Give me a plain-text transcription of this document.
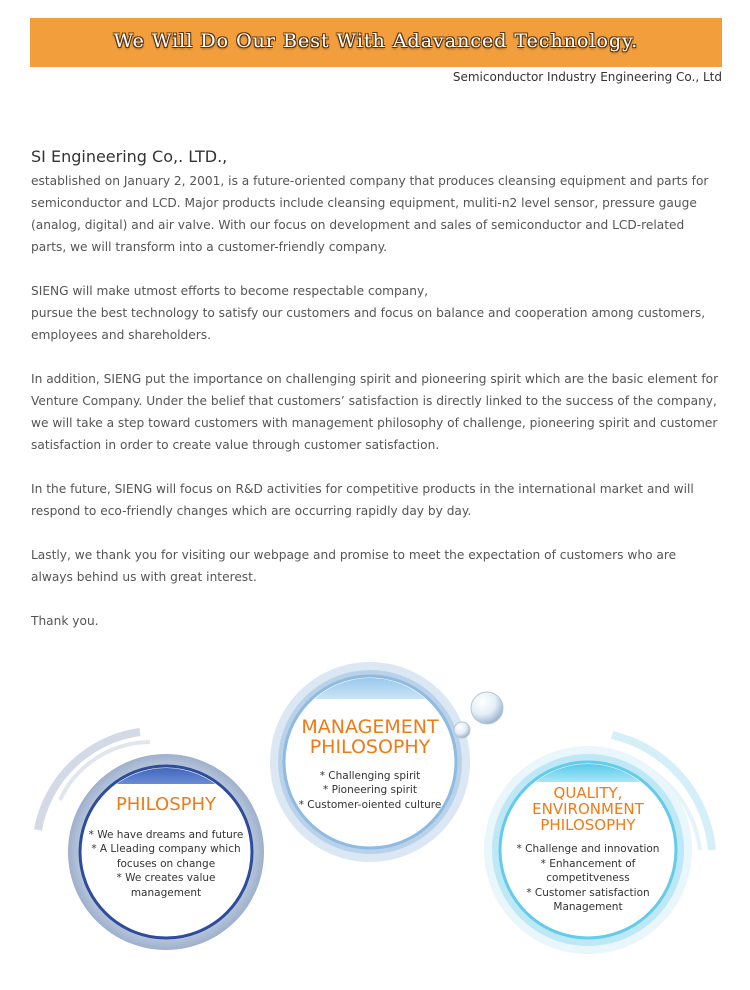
We Will Do Our Best With Adavanced Technology.
Semiconductor Industry Engineering Co., Ltd
SI Engineering Co,. LTD.,

established on January 2, 2001, is a future-oriented company that produces cleansing equipment and parts for semiconductor and LCD. Major products include cleansing equipment, muliti-n2 level sensor, pressure gauge (analog, digital) and air valve. With our focus on development and sales of semiconductor and LCD-related parts, we will transform into a customer-friendly company.

SIENG will make utmost efforts to become respectable company,
pursue the best technology to satisfy our customers and focus on balance and cooperation among customers, employees and shareholders.

In addition, SIENG put the importance on challenging spirit and pioneering spirit which are the basic element for Venture Company. Under the belief that customers’ satisfaction is directly linked to the success of the company, we will take a step toward customers with management philosophy of challenge, pioneering spirit and customer satisfaction in order to create value through customer satisfaction.

In the future, SIENG will focus on R&D activities for competitive products in the international market and will respond to eco-friendly changes which are occurring rapidly day by day.

Lastly, we thank you for visiting our webpage and promise to meet the expectation of customers who are always behind us with great interest.

Thank you.

PHILOSPHY
* We have dreams and future
* A Lleading company which
focuses on change
* We creates value
management
MANAGEMENT
PHILOSOPHY
* Challenging spirit
* Pioneering spirit
* Customer-oiented culture
QUALITY,
ENVIRONMENT
PHILOSOPHY
* Challenge and innovation
* Enhancement of
competitveness
* Customer satisfaction
Management
